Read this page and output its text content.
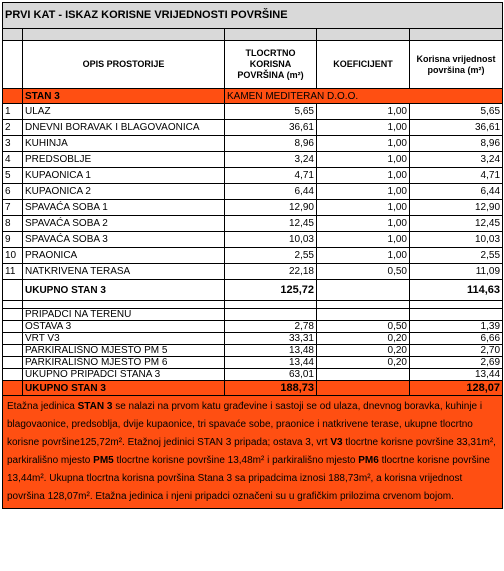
PRVI KAT - ISKAZ KORISNE VRIJEDNOSTI POVRŠINE				

	OPIS PROSTORIJE	TLOCRTNO KORISNA POVRŠINA (m²)	KOEFICIJENT	Korisna vrijednost površina (m²)
	STAN 3	KAMEN MEDITERAN D.O.O.		
1	ULAZ	5,65	1,00	5,65
2	DNEVNI BORAVAK I BLAGOVAONICA	36,61	1,00	36,61
3	KUHINJA	8,96	1,00	8,96
4	PREDSOBLJE	3,24	1,00	3,24
5	KUPAONICA 1	4,71	1,00	4,71
6	KUPAONICA 2	6,44	1,00	6,44
7	SPAVAĆA SOBA 1	12,90	1,00	12,90
8	SPAVAĆA SOBA 2	12,45	1,00	12,45
9	SPAVAĆA SOBA 3	10,03	1,00	10,03
10	PRAONICA	2,55	1,00	2,55
11	NATKRIVENA TERASA	22,18	0,50	11,09
	UKUPNO STAN 3	125,72		114,63

	PRIPADCI NA TERENU			
	OSTAVA 3	2,78	0,50	1,39
	VRT V3	33,31	0,20	6,66
	PARKIRALIŠNO MJESTO PM 5	13,48	0,20	2,70
	PARKIRALIŠNO MJESTO PM 6	13,44	0,20	2,69
	UKUPNO PRIPADCI STANA 3	63,01		13,44
	UKUPNO STAN 3	188,73		128,07
Etažna jedinica STAN 3 se nalazi na prvom katu građevine i sastoji se od ulaza, dnevnog boravka, kuhinje i blagovaonice, predsoblja, dvije kupaonice, tri spavaće sobe, praonice i natkrivene terase, ukupne tlocrtno korisne površine125,72m². Etažnoj jedinici STAN 3 pripada; ostava 3, vrt V3 tlocrtne korisne površine 33,31m², parkirališno mjesto PM5 tlocrtne korisne površine 13,48m² i parkirališno mjesto PM6 tlocrtne korisne površine 13,44m². Ukupna tlocrtna korisna površina Stana 3 sa pripadcima iznosi 188,73m², a korisna vrijednost površina 128,07m². Etažna jedinica i njeni pripadci označeni su u grafičkim prilozima crvenom bojom.				
